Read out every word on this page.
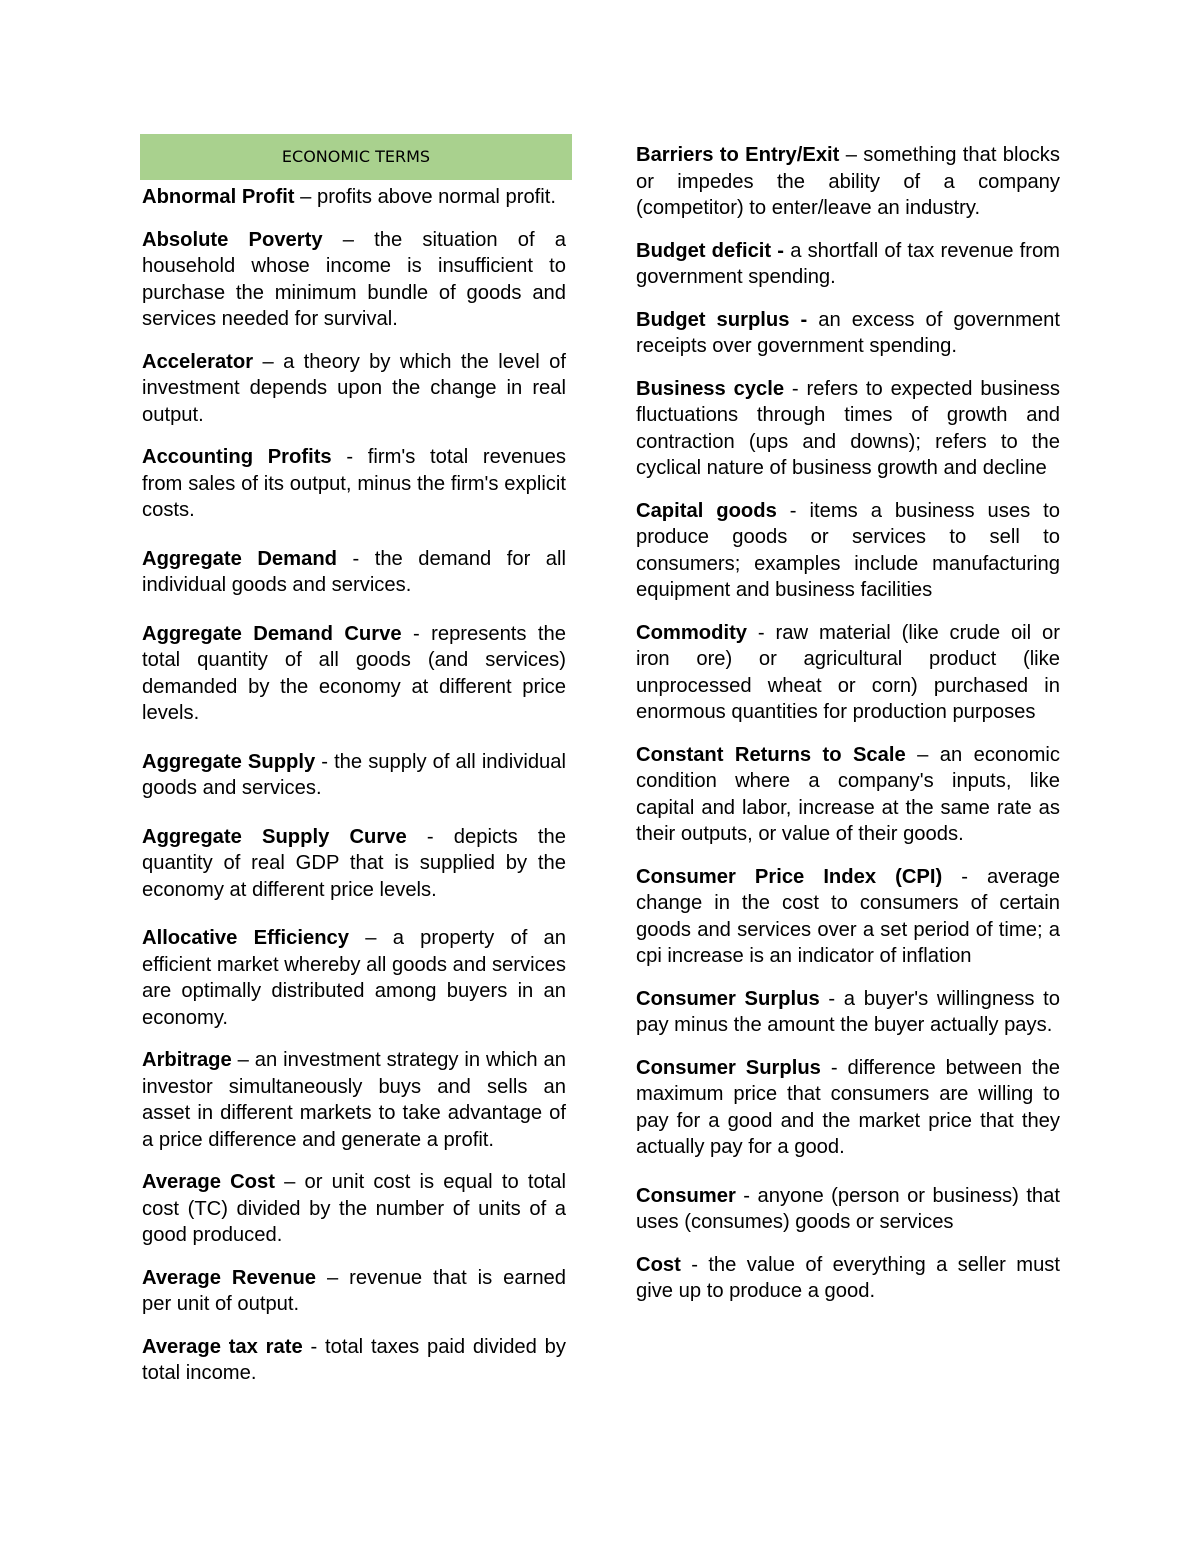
ECONOMIC TERMS

Abnormal Profit – profits above normal profit.

Absolute Poverty – the situation of a household whose income is insufficient to purchase the minimum bundle of goods and services needed for survival.

Accelerator – a theory by which the level of investment depends upon the change in real output.

Accounting Profits - firm's total revenues from sales of its output, minus the firm's explicit costs.

Aggregate Demand - the demand for all individual goods and services.

Aggregate Demand Curve - represents the total quantity of all goods (and services) demanded by the economy at different price levels.

Aggregate Supply - the supply of all individual goods and services.

Aggregate Supply Curve - depicts the quantity of real GDP that is supplied by the economy at different price levels.

Allocative Efficiency – a property of an efficient market whereby all goods and services are optimally distributed among buyers in an economy.

Arbitrage – an investment strategy in which an investor simultaneously buys and sells an asset in different markets to take advantage of a price difference and generate a profit.

Average Cost – or unit cost is equal to total cost (TC) divided by the number of units of a good produced.

Average Revenue – revenue that is earned per unit of output.

Average tax rate - total taxes paid divided by total income.

Barriers to Entry/Exit – something that blocks or impedes the ability of a company (competitor) to enter/leave an industry.

Budget deficit - a shortfall of tax revenue from government spending.

Budget surplus - an excess of government receipts over government spending.

Business cycle - refers to expected business fluctuations through times of growth and contraction (ups and downs); refers to the cyclical nature of business growth and decline

Capital goods - items a business uses to produce goods or services to sell to consumers; examples include manufacturing equipment and business facilities

Commodity - raw material (like crude oil or iron ore) or agricultural product (like unprocessed wheat or corn) purchased in enormous quantities for production purposes

Constant Returns to Scale – an economic condition where a company's inputs, like capital and labor, increase at the same rate as their outputs, or value of their goods.

Consumer Price Index (CPI) - average change in the cost to consumers of certain goods and services over a set period of time; a cpi increase is an indicator of inflation

Consumer Surplus - a buyer's willingness to pay minus the amount the buyer actually pays.

Consumer Surplus - difference between the maximum price that consumers are willing to pay for a good and the market price that they actually pay for a good.

Consumer - anyone (person or business) that uses (consumes) goods or services

Cost - the value of everything a seller must give up to produce a good.
